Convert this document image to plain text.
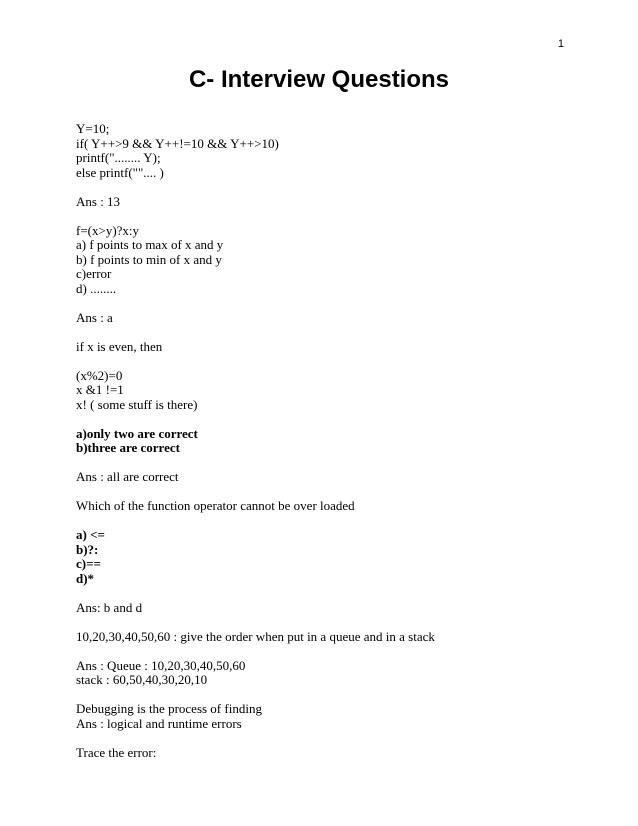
1
C- Interview Questions
Y=10;
if( Y++>9 && Y++!=10 && Y++>10)
printf("........ Y);
else printf("".... )
Ans : 13
f=(x>y)?x:y
a) f points to max of x and y
b) f points to min of x and y
c)error
d) ........
Ans : a
if x is even, then
(x%2)=0
x &1 !=1
x! ( some stuff is there)
a)only two are correct
b)three are correct
Ans : all are correct
Which of the function operator cannot be over loaded
a) <=
b)?:
c)==
d)*
Ans: b and d
10,20,30,40,50,60 : give the order when put in a queue and in a stack
Ans : Queue : 10,20,30,40,50,60
stack : 60,50,40,30,20,10
Debugging is the process of finding
Ans : logical and runtime errors
Trace the error:
